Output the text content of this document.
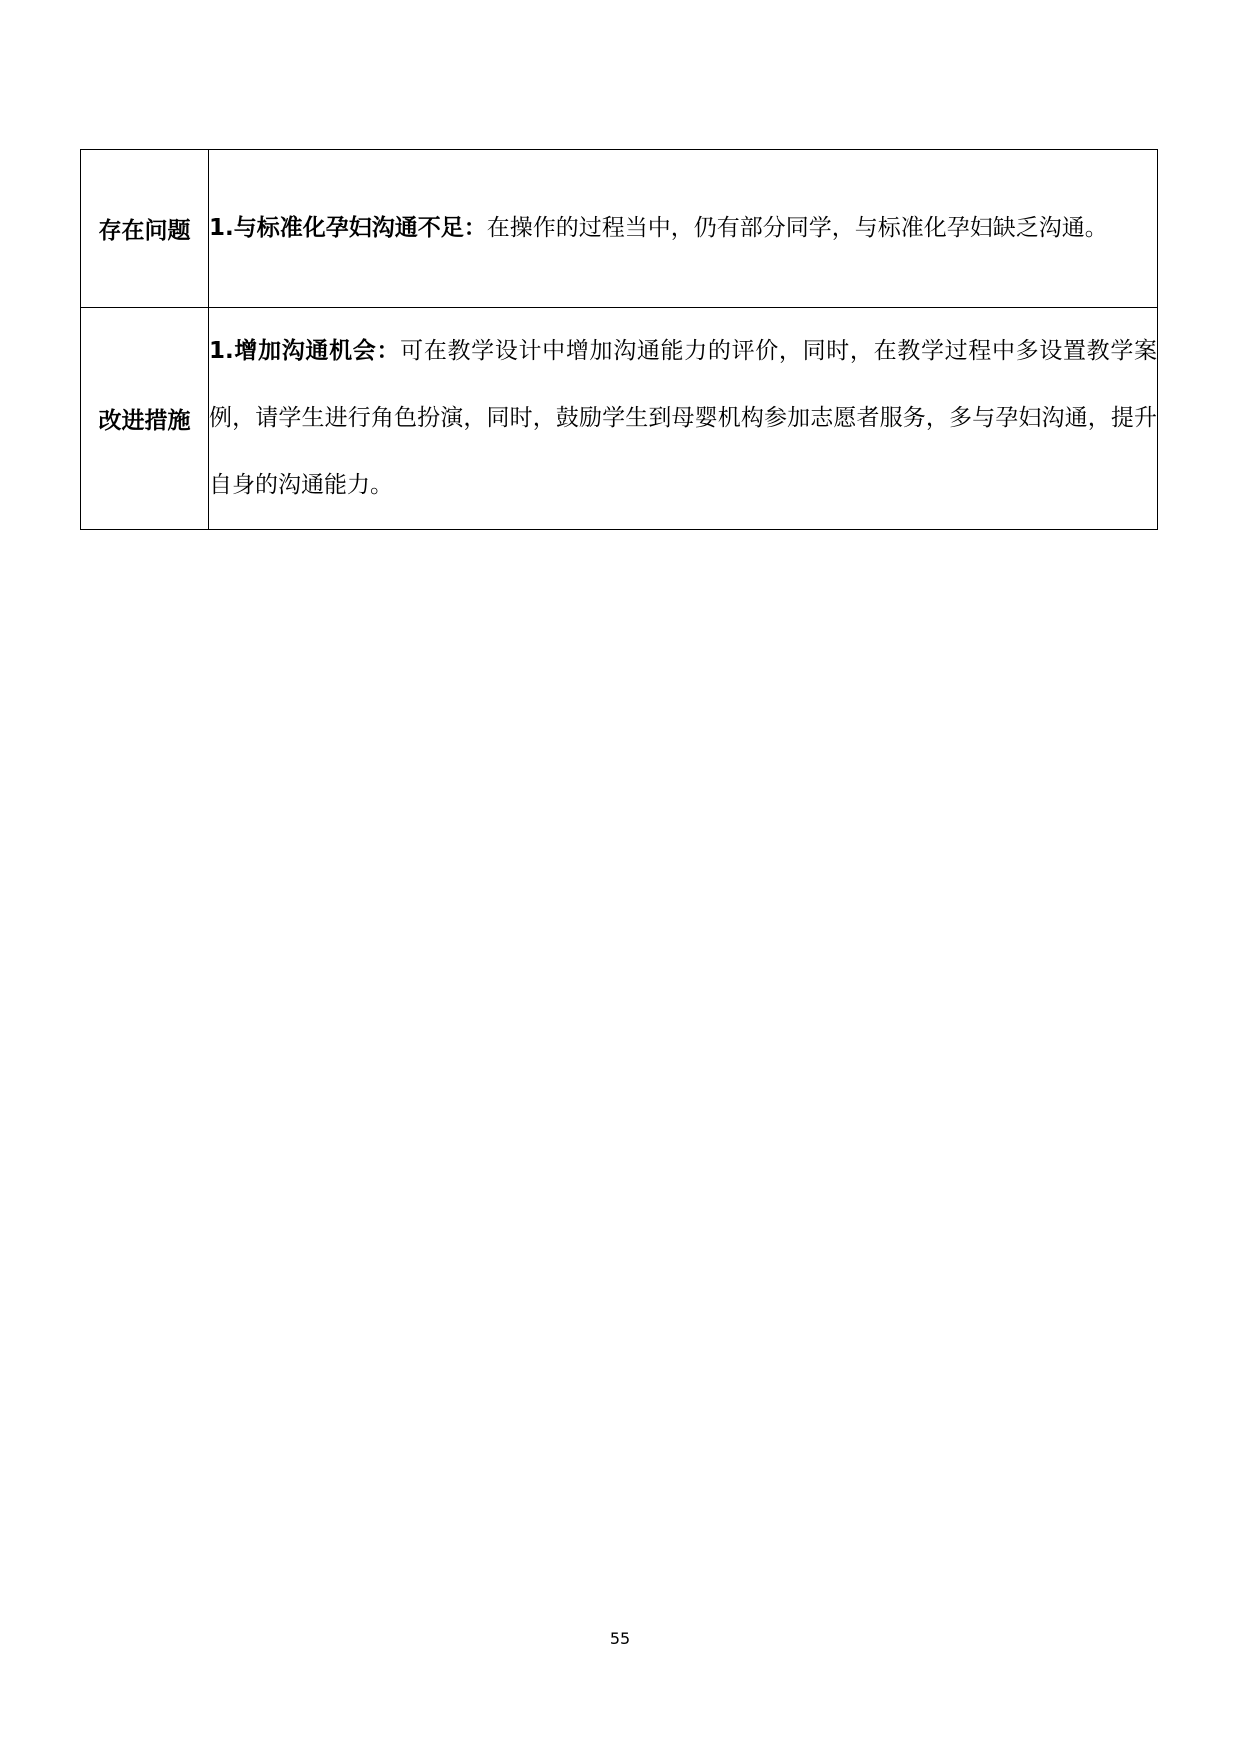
存在问题	1.与标准化孕妇沟通不足：在操作的过程当中，仍有部分同学，与标准化孕妇缺乏沟通。
改进措施	1.增加沟通机会：可在教学设计中增加沟通能力的评价，同时，在教学过程中多设置教学案例，请学生进行角色扮演，同时，鼓励学生到母婴机构参加志愿者服务，多与孕妇沟通，提升自身的沟通能力。
55
